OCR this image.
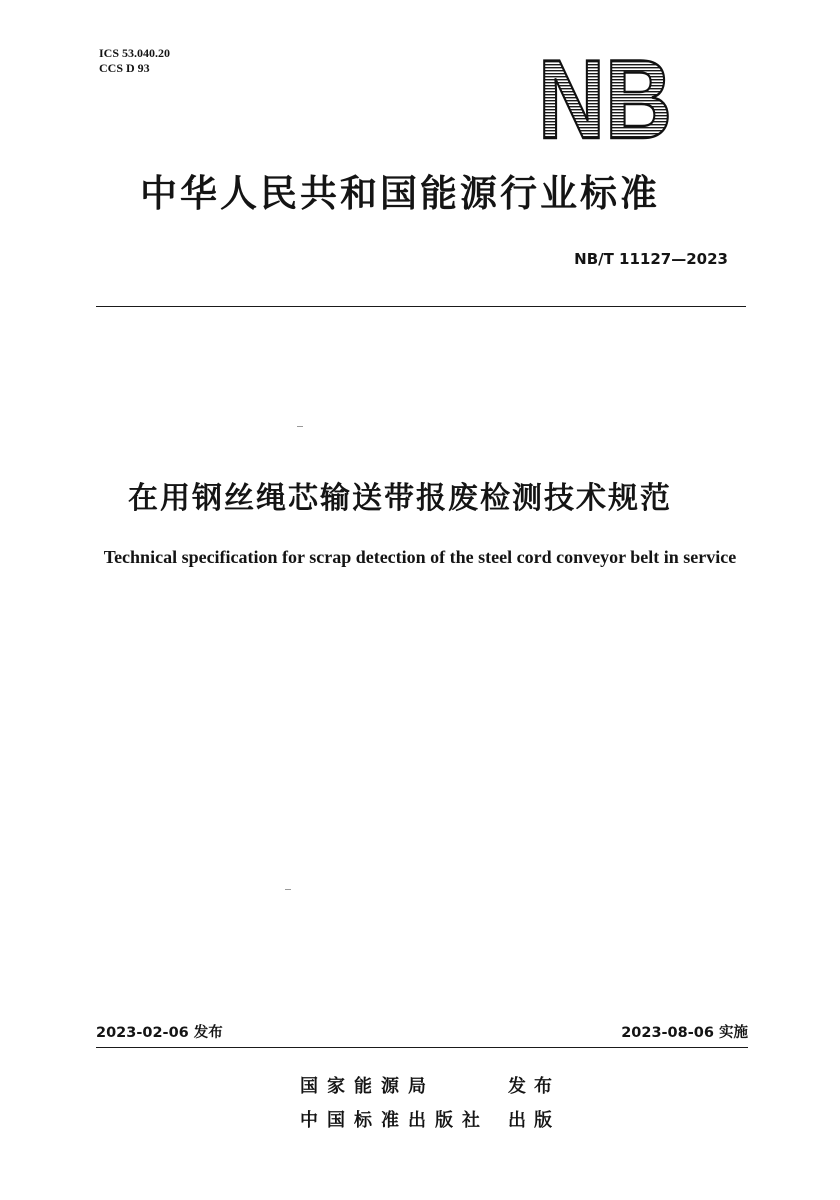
ICS 53.040.20
CCS D 93	NB
中华人民共和国能源行业标准
NB/T 11127—2023
在用钢丝绳芯输送带报废检测技术规范
Technical specification for scrap detection of the steel cord conveyor belt in service
2023-02-06 发布	2023-08-06 实施
国家能源局	发布
中国标准出版社 出版
